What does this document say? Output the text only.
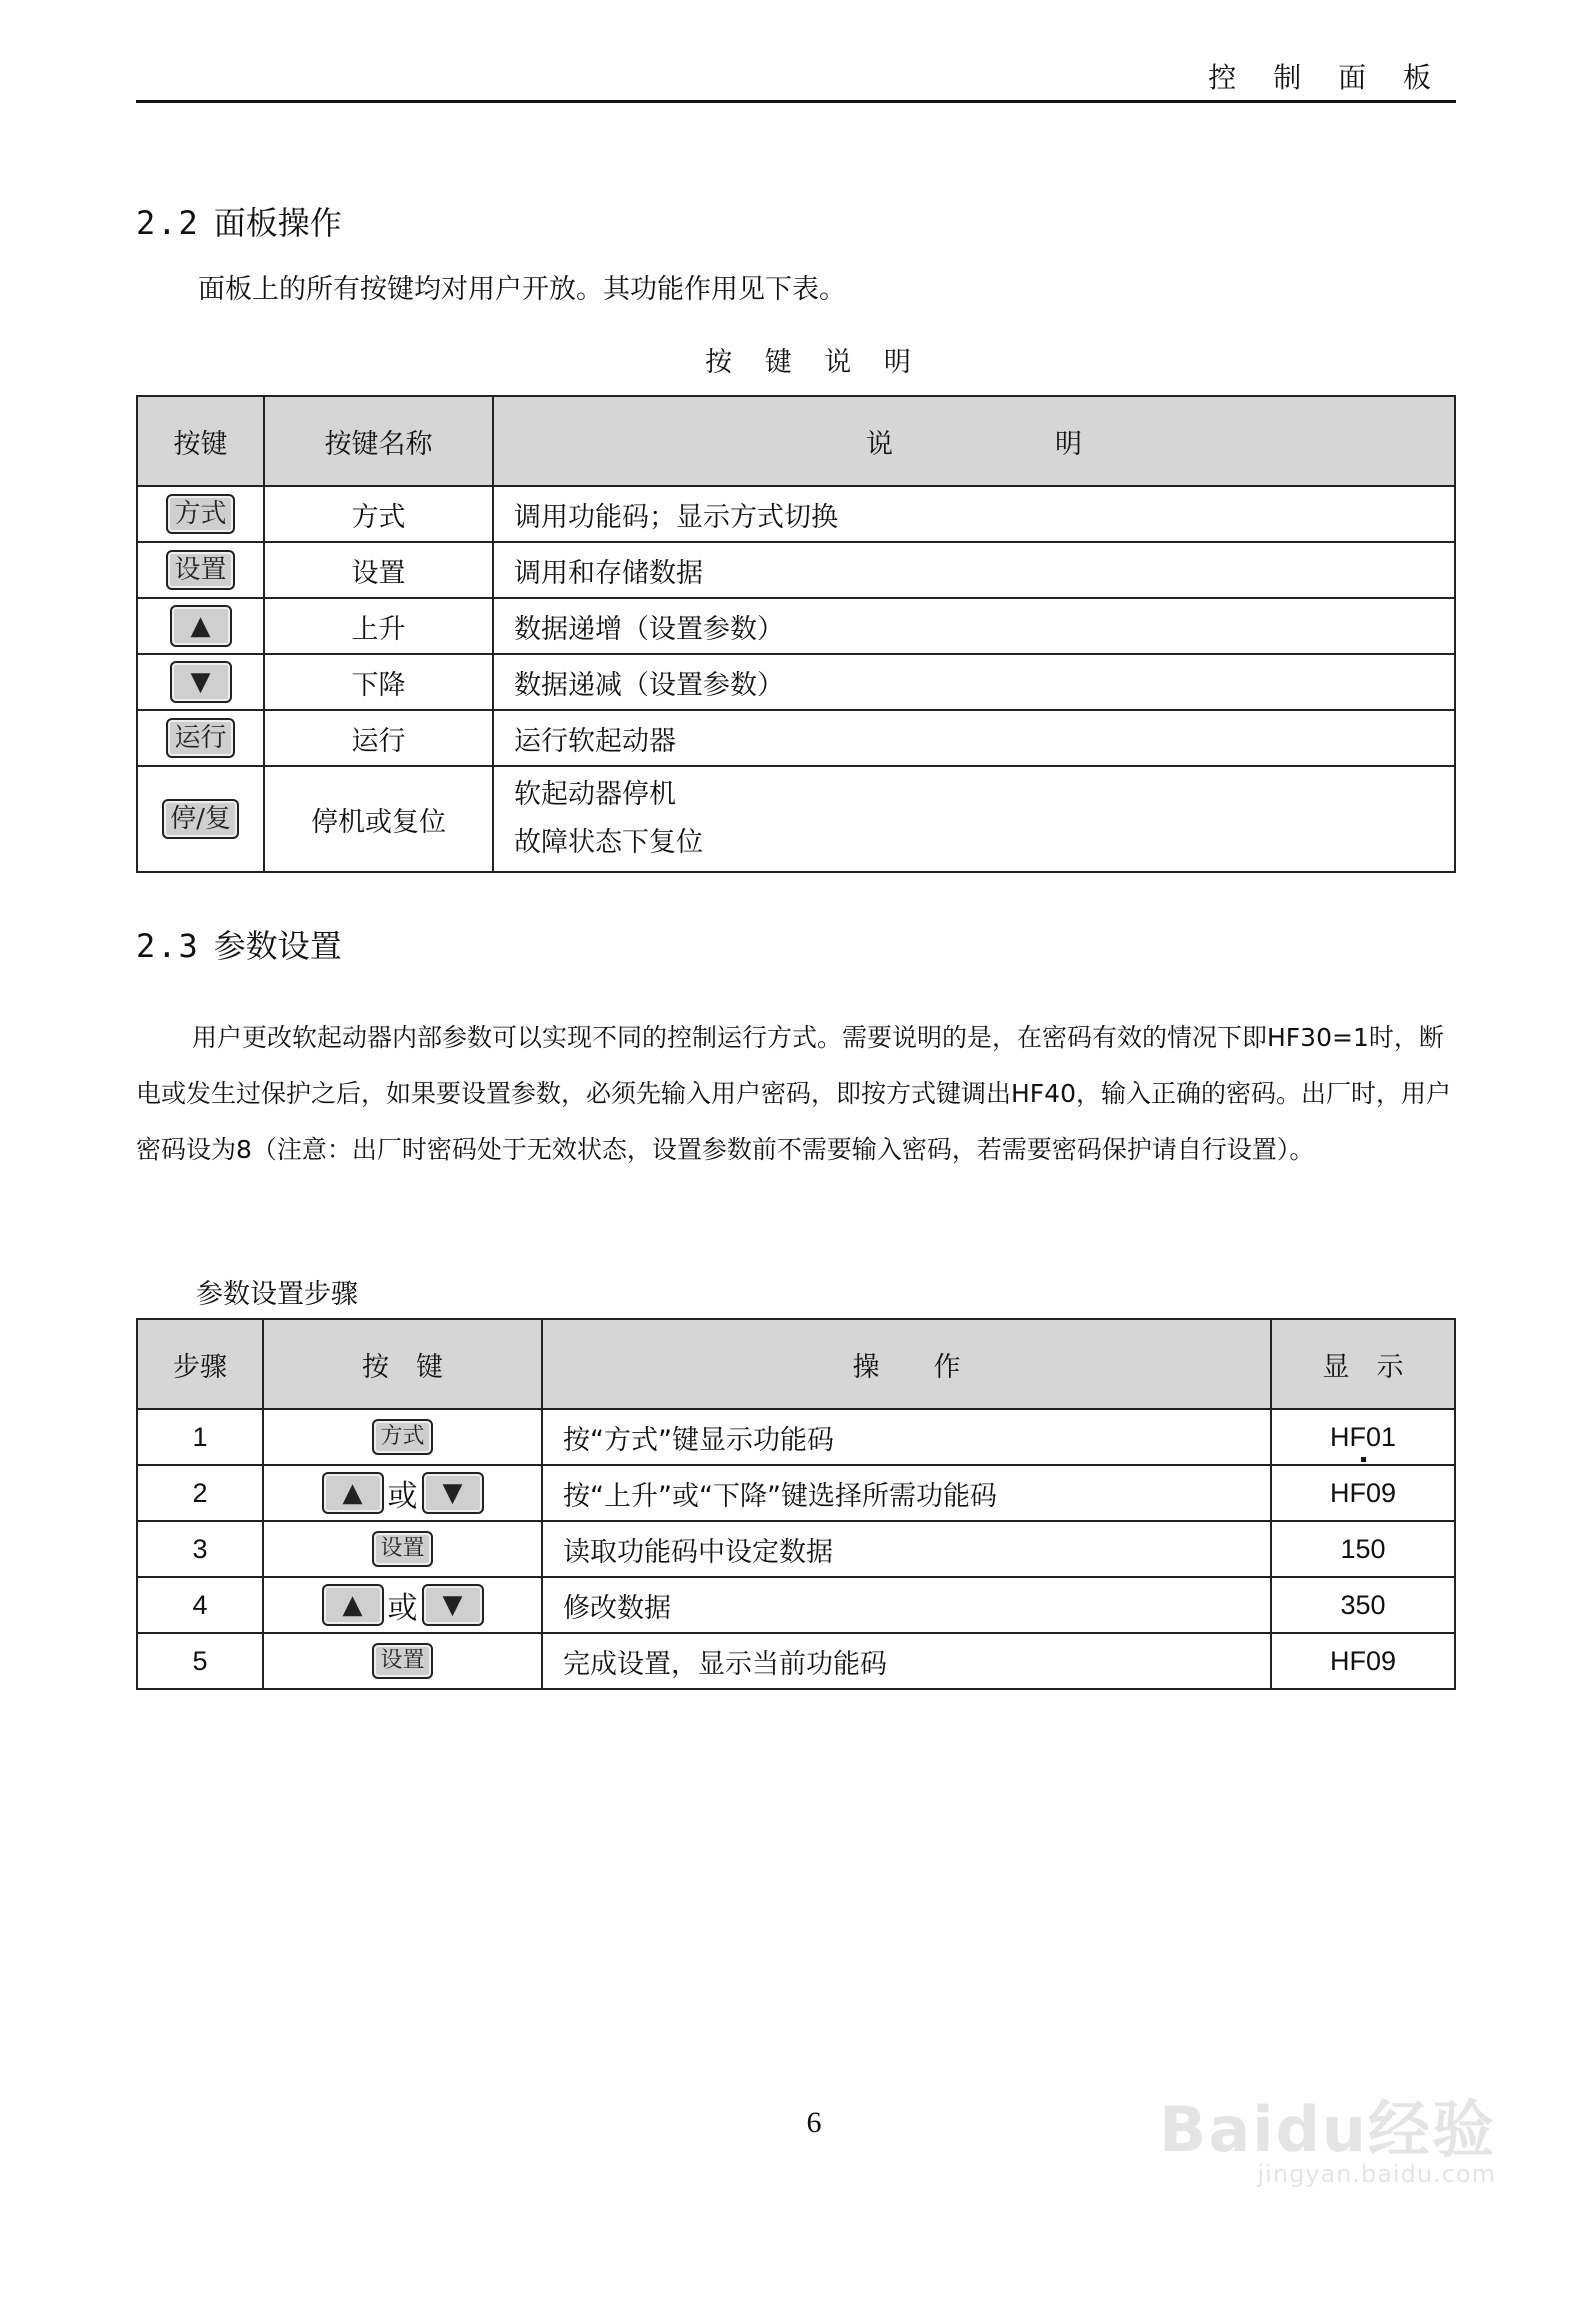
控 制 面 板
2.2 面板操作
面板上的所有按键均对用户开放。其功能作用见下表。
按 键 说 明
按键	按键名称	说　　　　　　明
方式	方式	调用功能码；显示方式切换
设置	设置	调用和存储数据
▲	上升	数据递增（设置参数）
▼	下降	数据递减（设置参数）
运行	运行	运行软起动器
停/复	停机或复位	软起动器停机
故障状态下复位
2.3 参数设置
用户更改软起动器内部参数可以实现不同的控制运行方式。需要说明的是，在密码有效的情况下即HF30=1时，断电或发生过保护之后，如果要设置参数，必须先输入用户密码，即按方式键调出HF40，输入正确的密码。出厂时，用户密码设为8（注意：出厂时密码处于无效状态，设置参数前不需要输入密码，若需要密码保护请自行设置）。
参数设置步骤
步骤	按　键	操　　作	显　示
1	方式	按“方式”键显示功能码	HF01

2	▲ 或 ▼	按“上升”或“下降”键选择所需功能码	HF09
3	设置	读取功能码中设定数据	150
4	▲ 或 ▼	修改数据	350
5	设置	完成设置，显示当前功能码	HF09
6	Baidu经验
jingyan.baidu.com
